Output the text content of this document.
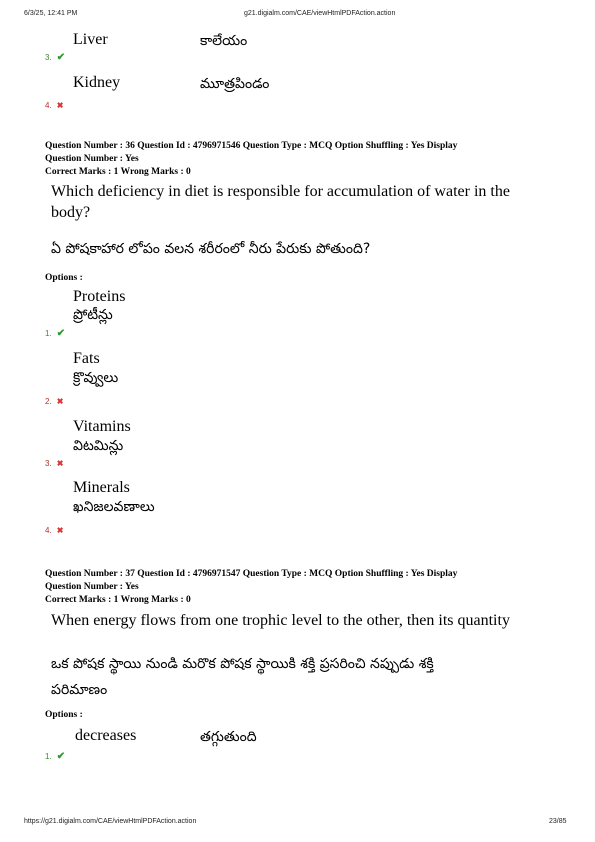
6/3/25, 12:41 PM	g21.digialm.com/CAE/viewHtmlPDFAction.action
Liver	కాలేయం
3. ✔
Kidney	మూత్రపిండం
4. ✖
Question Number : 36 Question Id : 4796971546 Question Type : MCQ Option Shuffling : Yes Display
Question Number : Yes
Correct Marks : 1 Wrong Marks : 0
Which deficiency in diet is responsible for accumulation of water in the body?
ఏ పోషకాహార లోపం వలన శరీరంలో నీరు పేరుకు పోతుంది?
Options :
Proteins
ప్రోటీన్లు
1. ✔
Fats
క్రొవ్వులు
2. ✖
Vitamins
విటమిన్లు
3. ✖
Minerals
ఖనిజలవణాలు
4. ✖
Question Number : 37 Question Id : 4796971547 Question Type : MCQ Option Shuffling : Yes Display
Question Number : Yes
Correct Marks : 1 Wrong Marks : 0
When energy flows from one trophic level to the other, then its quantity
ఒక పోషక స్థాయి నుండి మరొక పోషక స్థాయికి శక్తి ప్రసరించి నప్పుడు శక్తి
పరిమాణం
Options :
decreases	తగ్గుతుంది
1. ✔
https://g21.digialm.com/CAE/viewHtmlPDFAction.action	23/85
